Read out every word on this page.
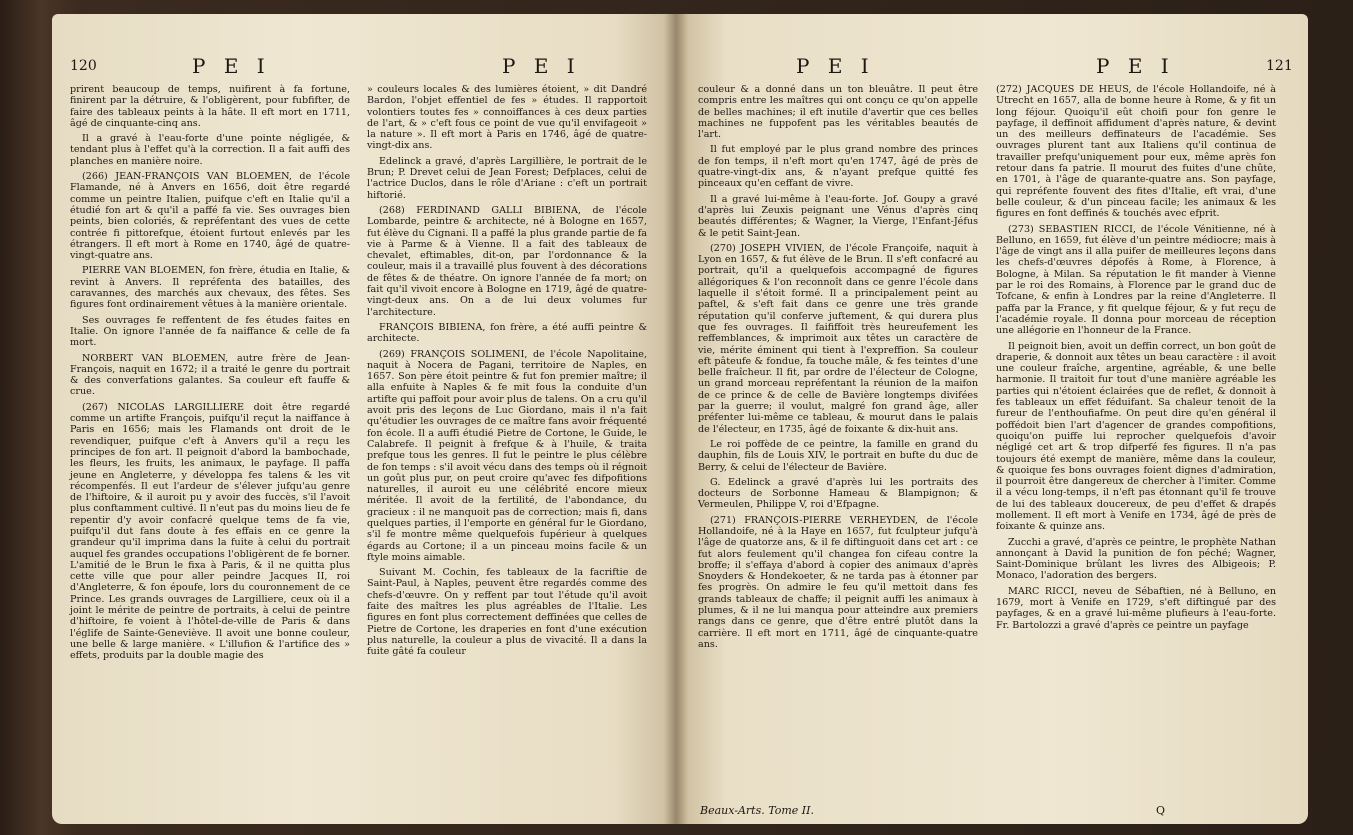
120	P E I	P E I

prirent beaucoup de temps, nuifirent à fa fortune, finirent par la détruire, & l'obligèrent, pour fubfifter, de faire des tableaux peints à la hâte. Il eft mort en 1711, âgé de cinquante-cinq ans.

Il a gravé à l'eau-forte d'une pointe négligée, & tendant plus à l'effet qu'à la correction. Il a fait auffi des planches en manière noire.

(266) JEAN-FRANÇOIS VAN BLOEMEN, de l'école Flamande, né à Anvers en 1656, doit être regardé comme un peintre Italien, puifque c'eft en Italie qu'il a étudié fon art & qu'il a paffé fa vie. Ses ouvrages bien peints, bien coloriés, & repréfentant des vues de cette contrée fi pittorefque, étoient furtout enlevés par les étrangers. Il eft mort à Rome en 1740, âgé de quatre-vingt-quatre ans.

PIERRE VAN BLOEMEN, fon frère, étudia en Italie, & revint à Anvers. Il repréfenta des batailles, des caravannes, des marchés aux chevaux, des fêtes. Ses figures font ordinairement vêtues à la manière orientale.

Ses ouvrages fe reffentent de fes études faites en Italie. On ignore l'année de fa naiffance & celle de fa mort.

NORBERT VAN BLOEMEN, autre frère de Jean-François, naquit en 1672; il a traité le genre du portrait & des converfations galantes. Sa couleur eft fauffe & crue.

(267) NICOLAS LARGILLIERE doit être regardé comme un artifte François, puifqu'il reçut la naiffance à Paris en 1656; mais les Flamands ont droit de le revendiquer, puifque c'eft à Anvers qu'il a reçu les principes de fon art. Il peignoit d'abord la bambochade, les fleurs, les fruits, les animaux, le payfage. Il paffa jeune en Angleterre, y développa fes talens & les vit récompenfés. Il eut l'ardeur de s'élever jufqu'au genre de l'hiftoire, & il auroit pu y avoir des fuccès, s'il l'avoit plus conftamment cultivé. Il n'eut pas du moins lieu de fe repentir d'y avoir confacré quelque tems de fa vie, puifqu'il dut fans doute à fes effais en ce genre la grandeur qu'il imprima dans la fuite à celui du portrait auquel fes grandes occupations l'obligèrent de fe borner. L'amitié de le Brun le fixa à Paris, & il ne quitta plus cette ville que pour aller peindre Jacques II, roi d'Angleterre, & fon époufe, lors du couronnement de ce Prince. Les grands ouvrages de Largilliere, ceux où il a joint le mérite de peintre de portraits, à celui de peintre d'hiftoire, fe voient à l'hôtel-de-ville de Paris & dans l'églife de Sainte-Geneviève. Il avoit une bonne couleur, une belle & large manière. « L'illufion & l'artifice des » effets, produits par la double magie des

» couleurs locales & des lumières étoient, » dit Dandré Bardon, l'objet effentiel de fes » études. Il rapportoit volontiers toutes fes » connoiffances à ces deux parties de l'art, & » c'eft fous ce point de vue qu'il envifageoit » la nature ». Il eft mort à Paris en 1746, âgé de quatre-vingt-dix ans.

Edelinck a gravé, d'après Largillière, le portrait de le Brun; P. Drevet celui de Jean Forest; Defplaces, celui de l'actrice Duclos, dans le rôle d'Ariane : c'eft un portrait hiftorié.

(268) FERDINAND GALLI BIBIENA, de l'école Lombarde, peintre & architecte, né à Bologne en 1657, fut élève du Cignani. Il a paffé la plus grande partie de fa vie à Parme & à Vienne. Il a fait des tableaux de chevalet, eftimables, dit-on, par l'ordonnance & la couleur, mais il a travaillé plus fouvent à des décorations de fêtes & de théatre. On ignore l'année de fa mort; on fait qu'il vivoit encore à Bologne en 1719, âgé de quatre-vingt-deux ans. On a de lui deux volumes fur l'architecture.

FRANÇOIS BIBIENA, fon frère, a été auffi peintre & architecte.

(269) FRANÇOIS SOLIMENI, de l'école Napolitaine, naquit à Nocera de Pagani, territoire de Naples, en 1657. Son père étoit peintre & fut fon premier maître; il alla enfuite à Naples & fe mit fous la conduite d'un artifte qui paffoit pour avoir plus de talens. On a cru qu'il avoit pris des leçons de Luc Giordano, mais il n'a fait qu'étudier les ouvrages de ce maître fans avoir fréquenté fon école. Il a auffi étudié Pietre de Cortone, le Guide, le Calabrefe. Il peignit à frefque & à l'huile, & traita prefque tous les genres. Il fut le peintre le plus célèbre de fon temps : s'il avoit vécu dans des temps où il régnoit un goût plus pur, on peut croire qu'avec fes difpofitions naturelles, il auroit eu une célébrité encore mieux méritée. Il avoit de la fertilité, de l'abondance, du gracieux : il ne manquoit pas de correction; mais fi, dans quelques parties, il l'emporte en général fur le Giordano, s'il fe montre même quelquefois fupérieur à quelques égards au Cortone; il a un pinceau moins facile & un ftyle moins aimable.

Suivant M. Cochin, fes tableaux de la facriftie de Saint-Paul, à Naples, peuvent être regardés comme des chefs-d'œuvre. On y reffent par tout l'étude qu'il avoit faite des maîtres les plus agréables de l'Italie. Les figures en font plus correctement deffinées que celles de Pietre de Cortone, les draperies en font d'une exécution plus naturelle, la couleur a plus de vivacité. Il a dans la fuite gâté fa couleur

P E I	P E I	121

couleur & a donné dans un ton bleuâtre. Il peut être compris entre les maîtres qui ont conçu ce qu'on appelle de belles machines; il eft inutile d'avertir que ces belles machines ne fuppofent pas les véritables beautés de l'art.

Il fut employé par le plus grand nombre des princes de fon temps, il n'eft mort qu'en 1747, âgé de près de quatre-vingt-dix ans, & n'ayant prefque quitté fes pinceaux qu'en ceffant de vivre.

Il a gravé lui-même à l'eau-forte. Jof. Goupy a gravé d'après lui Zeuxis peignant une Vénus d'après cinq beautés différentes; & Wagner, la Vierge, l'Enfant-Jéfus & le petit Saint-Jean.

(270) JOSEPH VIVIEN, de l'école Françoife, naquit à Lyon en 1657, & fut élève de le Brun. Il s'eft confacré au portrait, qu'il a quelquefois accompagné de figures allégoriques & l'on reconnoît dans ce genre l'école dans laquelle il s'étoit formé. Il a principalement peint au paftel, & s'eft fait dans ce genre une très grande réputation qu'il conferve juftement, & qui durera plus que fes ouvrages. Il faififfoit très heureufement les reffemblances, & imprimoit aux têtes un caractère de vie, mérite éminent qui tient à l'expreffion. Sa couleur eft pâteufe & fondue, fa touche mâle, & fes teintes d'une belle fraîcheur. Il fit, par ordre de l'électeur de Cologne, un grand morceau repréfentant la réunion de la maifon de ce prince & de celle de Bavière longtemps divifées par la guerre; il voulut, malgré fon grand âge, aller préfenter lui-même ce tableau, & mourut dans le palais de l'électeur, en 1735, âgé de foixante & dix-huit ans.

Le roi poffède de ce peintre, la famille en grand du dauphin, fils de Louis XIV, le portrait en bufte du duc de Berry, & celui de l'électeur de Bavière.

G. Edelinck a gravé d'après lui les portraits des docteurs de Sorbonne Hameau & Blampignon; & Vermeulen, Philippe V, roi d'Efpagne.

(271) FRANÇOIS-PIERRE VERHEYDEN, de l'école Hollandoife, né à la Haye en 1657, fut fculpteur jufqu'à l'âge de quatorze ans, & il fe diftinguoit dans cet art : ce fut alors feulement qu'il changea fon cifeau contre la broffe; il s'effaya d'abord à copier des animaux d'après Snoyders & Hondekoeter, & ne tarda pas à étonner par fes progrès. On admire le feu qu'il mettoit dans fes grands tableaux de chaffe; il peignit auffi les animaux à plumes, & il ne lui manqua pour atteindre aux premiers rangs dans ce genre, que d'être entré plutôt dans la carrière. Il eft mort en 1711, âgé de cinquante-quatre ans.

(272) JACQUES DE HEUS, de l'école Hollandoife, né à Utrecht en 1657, alla de bonne heure à Rome, & y fit un long féjour. Quoiqu'il eût choifi pour fon genre le payfage, il deffinoit affidument d'après nature, & devint un des meilleurs deffinateurs de l'académie. Ses ouvrages plurent tant aux Italiens qu'il continua de travailler prefqu'uniquement pour eux, même après fon retour dans fa patrie. Il mourut des fuites d'une chûte, en 1701, à l'âge de quarante-quatre ans. Son payfage, qui repréfente fouvent des fites d'Italie, eft vrai, d'une belle couleur, & d'un pinceau facile; les animaux & les figures en font deffinés & touchés avec efprit.

(273) SEBASTIEN RICCI, de l'école Vénitienne, né à Belluno, en 1659, fut élève d'un peintre médiocre; mais à l'âge de vingt ans il alla puifer de meilleures leçons dans les chefs-d'œuvres dépofés à Rome, à Florence, à Bologne, à Milan. Sa réputation le fit mander à Vienne par le roi des Romains, à Florence par le grand duc de Tofcane, & enfin à Londres par la reine d'Angleterre. Il paffa par la France, y fit quelque féjour, & y fut reçu de l'académie royale. Il donna pour morceau de réception une allégorie en l'honneur de la France.

Il peignoit bien, avoit un deffin correct, un bon goût de draperie, & donnoit aux têtes un beau caractère : il avoit une couleur fraîche, argentine, agréable, & une belle harmonie. Il traitoit fur tout d'une manière agréable les parties qui n'étoient éclairées que de reflet, & donnoit à fes tableaux un effet féduifant. Sa chaleur tenoit de la fureur de l'enthoufiafme. On peut dire qu'en général il poffédoit bien l'art d'agencer de grandes compofitions, quoiqu'on puiffe lui reprocher quelquefois d'avoir négligé cet art & trop difperfé fes figures. Il n'a pas toujours été exempt de manière, même dans la couleur, & quoique fes bons ouvrages foient dignes d'admiration, il pourroit être dangereux de chercher à l'imiter. Comme il a vécu long-temps, il n'eft pas étonnant qu'il fe trouve de lui des tableaux doucereux, de peu d'effet & drapés mollement. Il eft mort à Venife en 1734, âgé de près de foixante & quinze ans.

Zucchi a gravé, d'après ce peintre, le prophète Nathan annonçant à David la punition de fon péché; Wagner, Saint-Dominique brûlant les livres des Albigeois; P. Monaco, l'adoration des bergers.

MARC RICCI, neveu de Sébaftien, né à Belluno, en 1679, mort à Venife en 1729, s'eft diftingué par des payfages, & en a gravé lui-même plufieurs à l'eau-forte. Fr. Bartolozzi a gravé d'après ce peintre un payfage

Beaux-Arts. Tome II.	Q
